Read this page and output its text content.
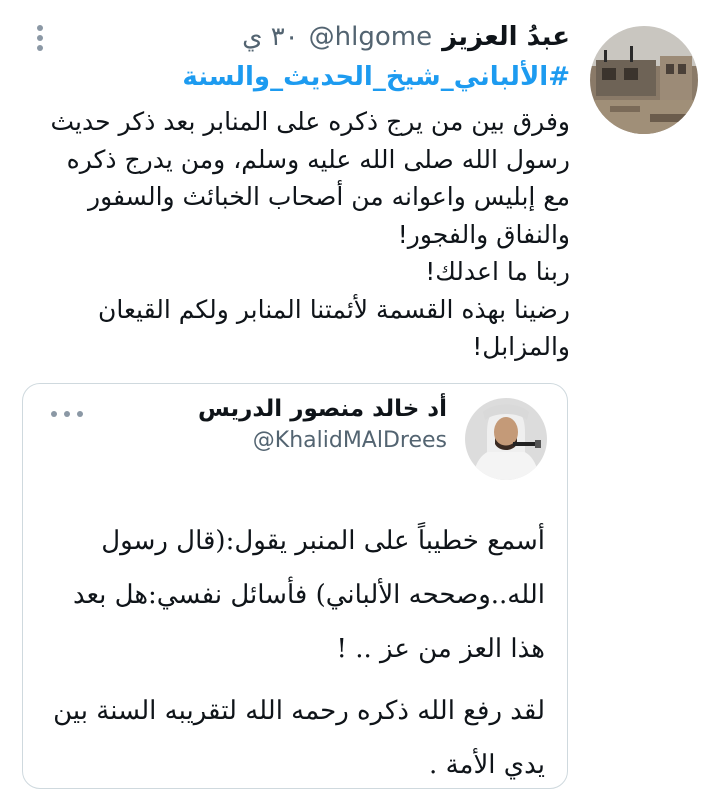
عبدُ العزيز
@hlgome
٣٠ ي
#الألباني_شيخ_الحديث_والسنة

وفرق بين من يرج ذكره على المنابر بعد ذكر حديث رسول الله صلى الله عليه وسلم، ومن يدرج ذكره مع إبليس واعوانه من أصحاب الخبائث والسفور والنفاق والفجور!

ربنا ما اعدلك!

رضينا بهذه القسمة لأئمتنا المنابر ولكم القيعان والمزابل!

أد خالد منصور الدريس
@KhalidMAlDrees

أسمع خطيباً على المنبر يقول:(قال رسول الله..وصححه الألباني) فأسائل نفسي:هل بعد هذا العز من عز .. !

لقد رفع الله ذكره رحمه الله لتقريبه السنة بين يدي الأمة .
